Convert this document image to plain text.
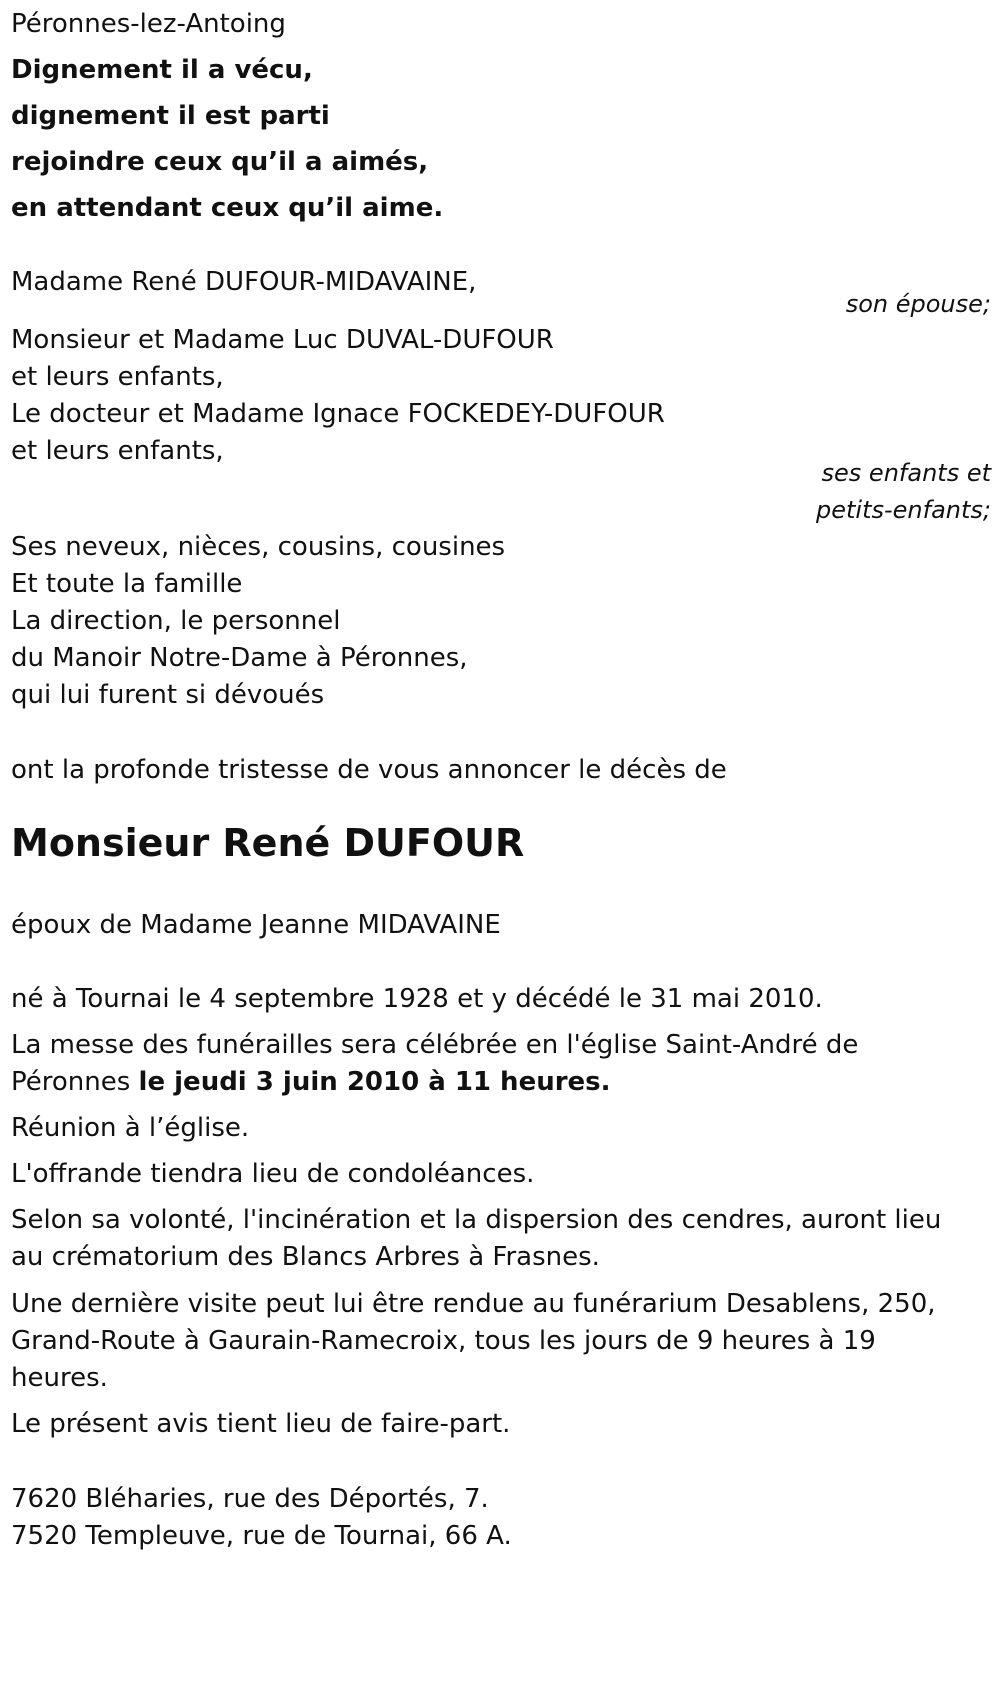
Péronnes-lez-Antoing
Dignement il a vécu,
dignement il est parti
rejoindre ceux qu’il a aimés,
en attendant ceux qu’il aime.
Madame René DUFOUR-MIDAVAINE,
son épouse;
Monsieur et Madame Luc DUVAL-DUFOUR
et leurs enfants,
Le docteur et Madame Ignace FOCKEDEY-DUFOUR
et leurs enfants,
ses enfants et
petits-enfants;
Ses neveux, nièces, cousins, cousines
Et toute la famille
La direction, le personnel
du Manoir Notre-Dame à Péronnes,
qui lui furent si dévoués
ont la profonde tristesse de vous annoncer le décès de
Monsieur René DUFOUR
époux de Madame Jeanne MIDAVAINE
né à Tournai le 4 septembre 1928 et y décédé le 31 mai 2010.
La messe des funérailles sera célébrée en l'église Saint-André de
Péronnes le jeudi 3 juin 2010 à 11 heures.
Réunion à l’église.
L'offrande tiendra lieu de condoléances.
Selon sa volonté, l'incinération et la dispersion des cendres, auront lieu
au crématorium des Blancs Arbres à Frasnes.
Une dernière visite peut lui être rendue au funérarium Desablens, 250,
Grand-Route à Gaurain-Ramecroix, tous les jours de 9 heures à 19
heures.
Le présent avis tient lieu de faire-part.
7620 Bléharies, rue des Déportés, 7.
7520 Templeuve, rue de Tournai, 66 A.
